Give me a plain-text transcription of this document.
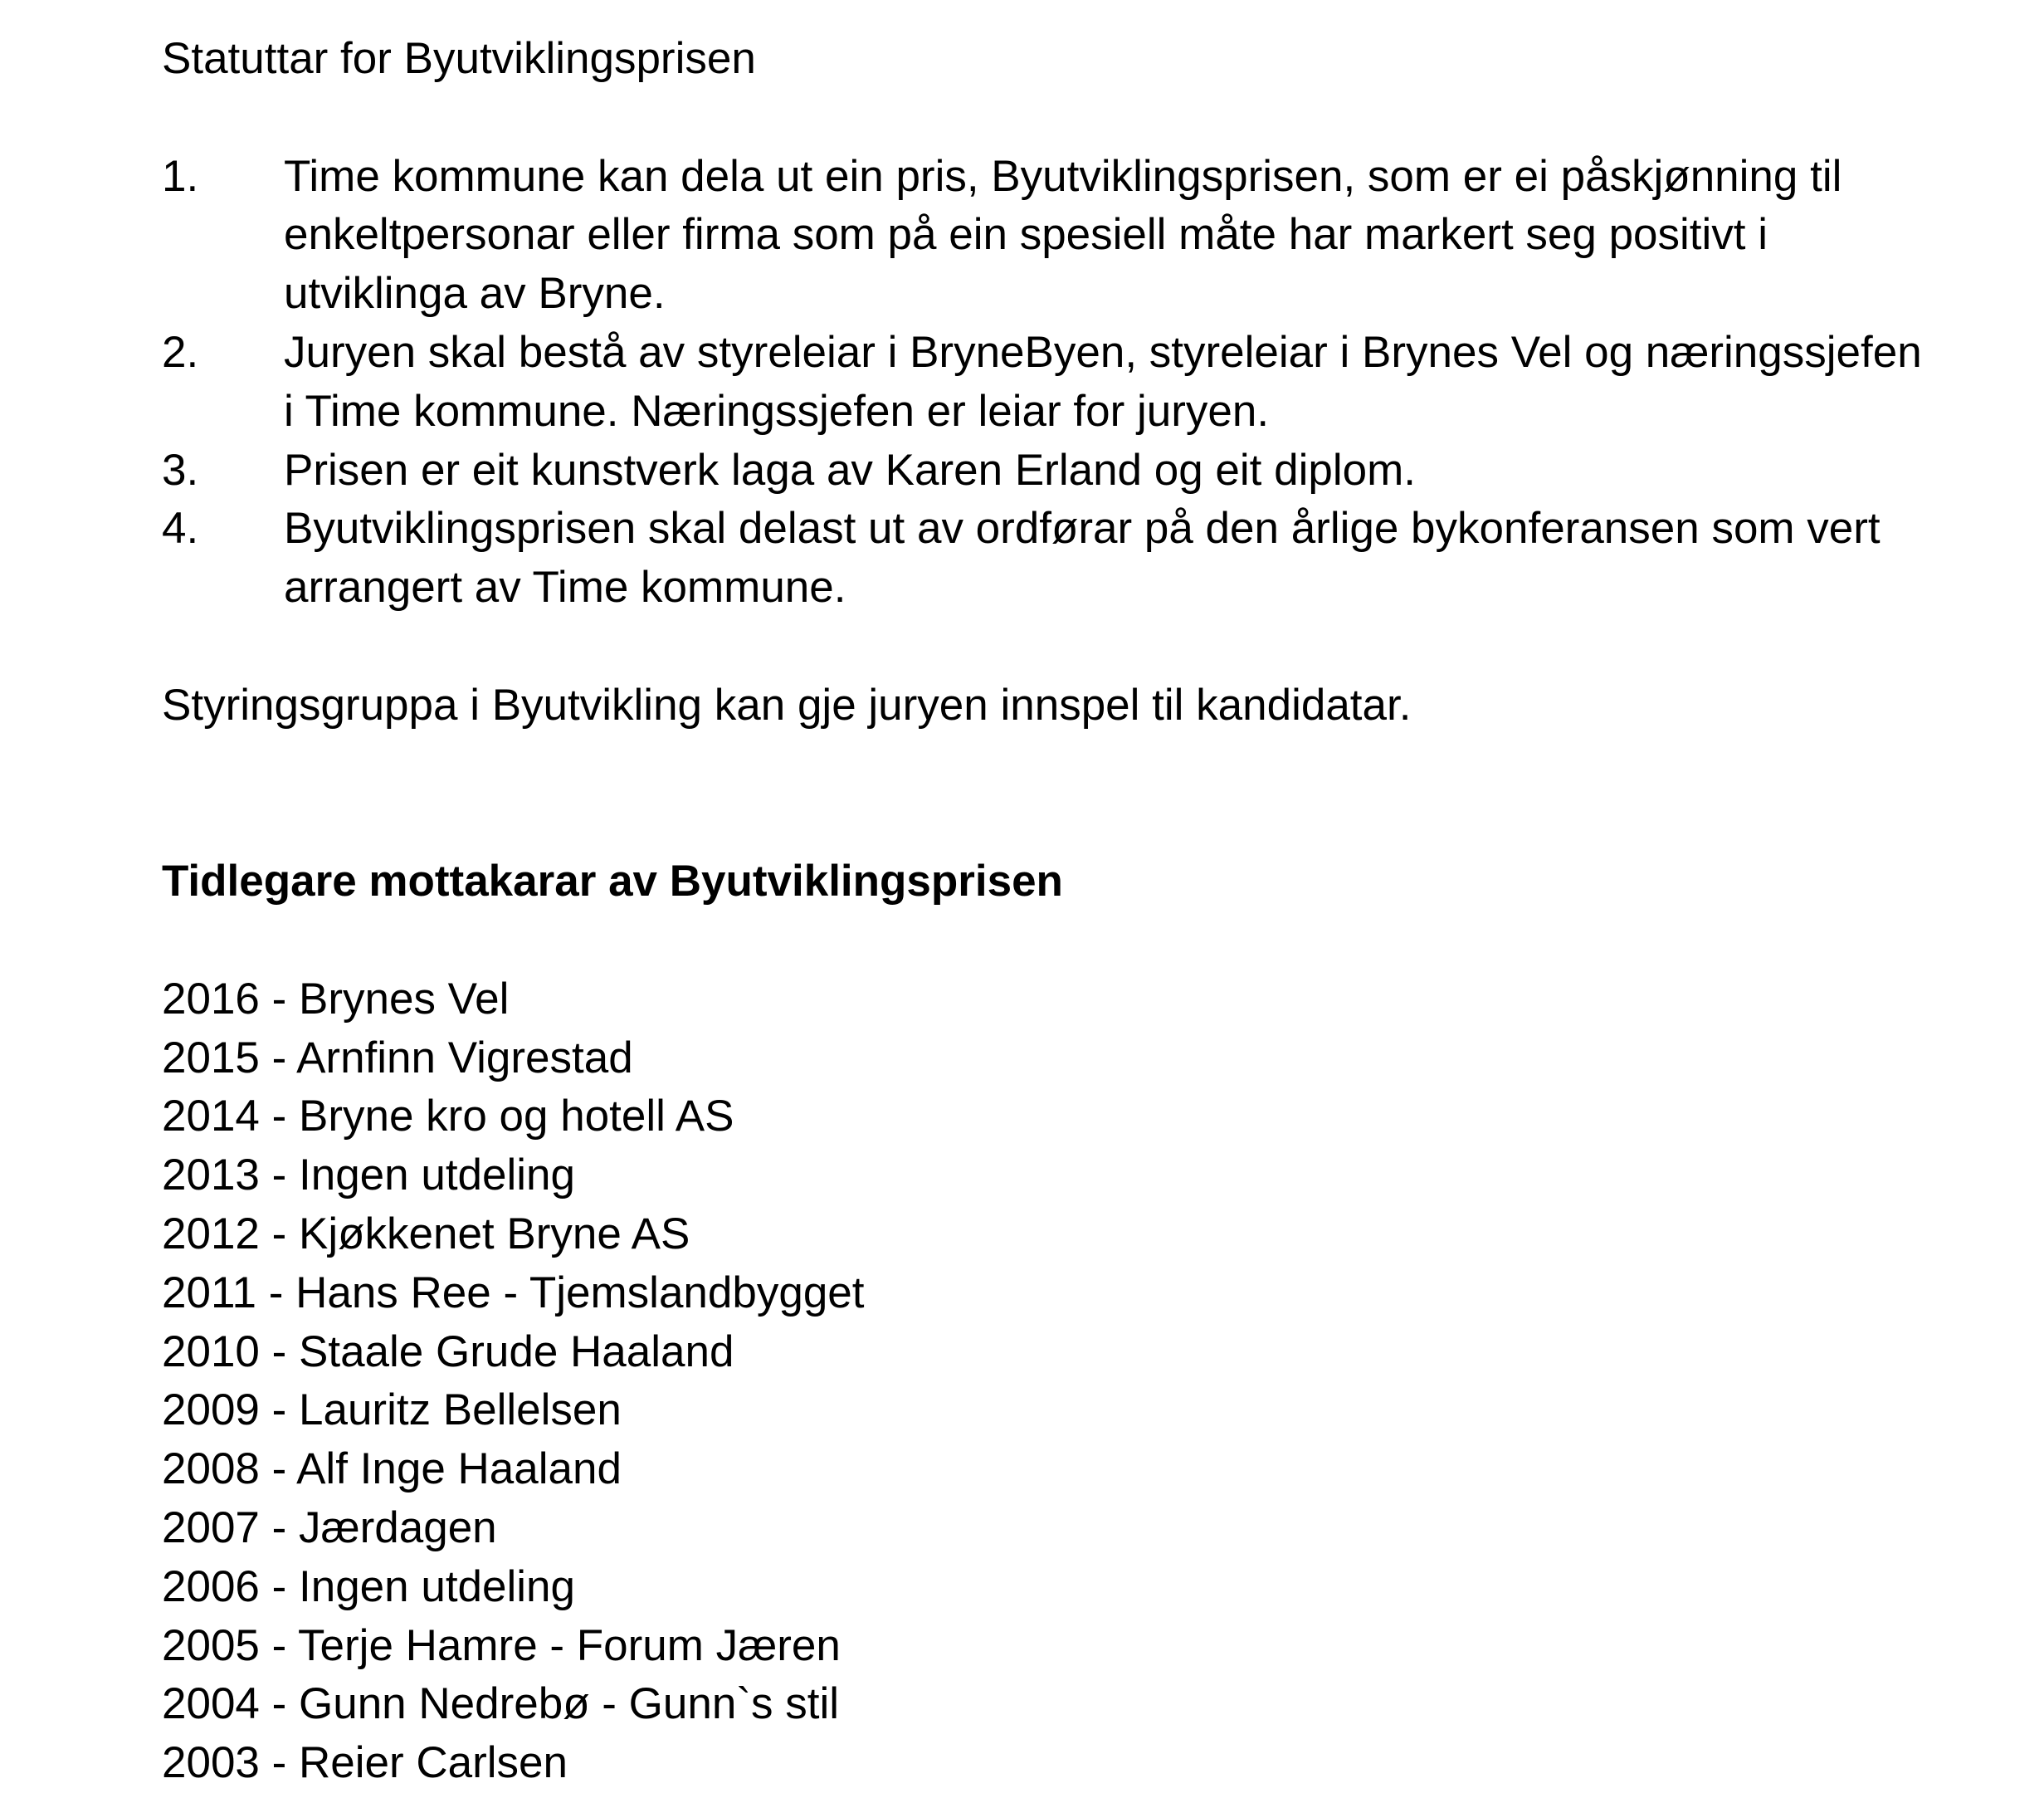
Statuttar for Byutviklingsprisen
1.	Time kommune kan dela ut ein pris, Byutviklingsprisen, som er ei påskjønning til enkeltpersonar eller firma som på ein spesiell måte har markert seg positivt i utviklinga av Bryne.
2.	Juryen skal bestå av styreleiar i BryneByen, styreleiar i Brynes Vel og næringssjefen i Time kommune. Næringssjefen er leiar for juryen.
3.	Prisen er eit kunstverk laga av Karen Erland og eit diplom.
4.	Byutviklingsprisen skal delast ut av ordførar på den årlige bykonferansen som vert arrangert av Time kommune.

Styringsgruppa i Byutvikling kan gje juryen innspel til kandidatar.

Tidlegare mottakarar av Byutviklingsprisen
2016 - Brynes Vel
2015 - Arnfinn Vigrestad
2014 - Bryne kro og hotell AS
2013 - Ingen utdeling
2012 - Kjøkkenet Bryne AS
2011 - Hans Ree - Tjemslandbygget
2010 - Staale Grude Haaland
2009 - Lauritz Bellelsen
2008 - Alf Inge Haaland
2007 - Jærdagen
2006 - Ingen utdeling
2005 - Terje Hamre - Forum Jæren
2004 - Gunn Nedrebø - Gunn`s stil
2003 - Reier Carlsen
